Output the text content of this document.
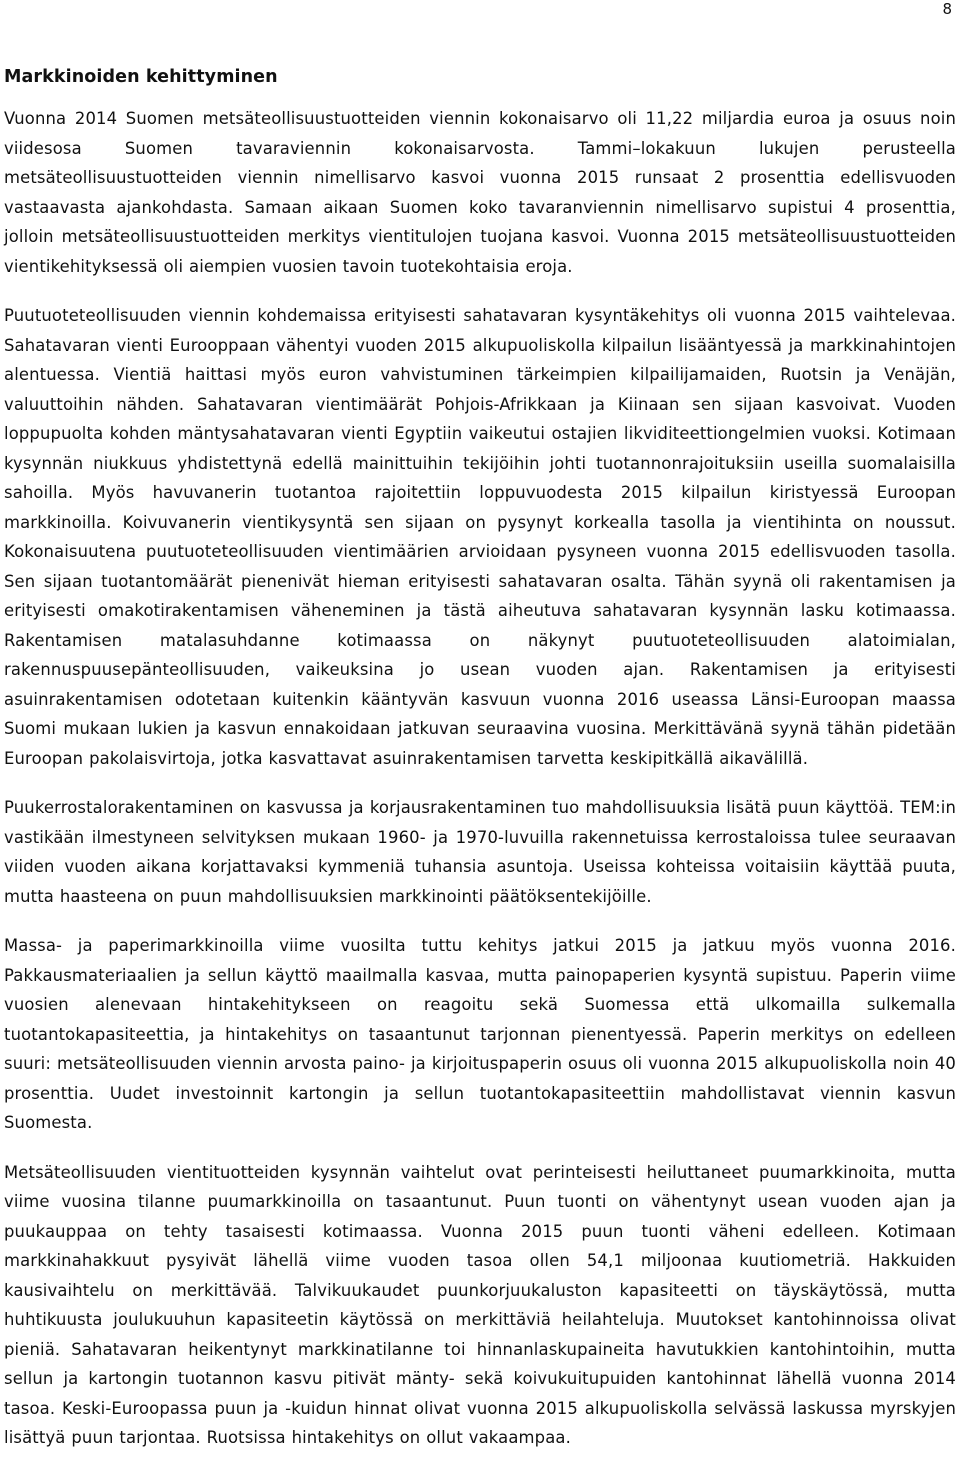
8
Markkinoiden kehittyminen

Vuonna 2014 Suomen metsäteollisuustuotteiden viennin kokonaisarvo oli 11,22 miljardia euroa ja osuus noin viidesosa Suomen tavaraviennin kokonaisarvosta. Tammi–lokakuun lukujen perusteella metsäteollisuustuotteiden viennin nimellisarvo kasvoi vuonna 2015 runsaat 2 prosenttia edellisvuoden vastaavasta ajankohdasta. Samaan aikaan Suomen koko tavaranviennin nimellisarvo supistui 4 prosenttia, jolloin metsäteollisuustuotteiden merkitys vientitulojen tuojana kasvoi. Vuonna 2015 metsäteollisuustuotteiden vientikehityksessä oli aiempien vuosien tavoin tuotekohtaisia eroja.

Puutuoteteollisuuden viennin kohdemaissa erityisesti sahatavaran kysyntäkehitys oli vuonna 2015 vaihtelevaa. Sahatavaran vienti Eurooppaan vähentyi vuoden 2015 alkupuoliskolla kilpailun lisääntyessä ja markkinahintojen alentuessa. Vientiä haittasi myös euron vahvistuminen tärkeimpien kilpailijamaiden, Ruotsin ja Venäjän, valuuttoihin nähden. Sahatavaran vientimäärät Pohjois-Afrikkaan ja Kiinaan sen sijaan kasvoivat. Vuoden loppupuolta kohden mäntysahatavaran vienti Egyptiin vaikeutui ostajien likviditeettiongelmien vuoksi. Kotimaan kysynnän niukkuus yhdistettynä edellä mainittuihin tekijöihin johti tuotannonrajoituksiin useilla suomalaisilla sahoilla. Myös havuvanerin tuotantoa rajoitettiin loppuvuodesta 2015 kilpailun kiristyessä Euroopan markkinoilla. Koivuvanerin vientikysyntä sen sijaan on pysynyt korkealla tasolla ja vientihinta on noussut. Kokonaisuutena puutuoteteollisuuden vientimäärien arvioidaan pysyneen vuonna 2015 edellisvuoden tasolla. Sen sijaan tuotantomäärät pienenivät hieman erityisesti sahatavaran osalta. Tähän syynä oli rakentamisen ja erityisesti omakotirakentamisen väheneminen ja tästä aiheutuva sahatavaran kysynnän lasku kotimaassa. Rakentamisen matalasuhdanne kotimaassa on näkynyt puutuoteteollisuuden alatoimialan, rakennuspuusepänteollisuuden, vaikeuksina jo usean vuoden ajan. Rakentamisen ja erityisesti asuinrakentamisen odotetaan kuitenkin kääntyvän kasvuun vuonna 2016 useassa Länsi-Euroopan maassa Suomi mukaan lukien ja kasvun ennakoidaan jatkuvan seuraavina vuosina. Merkittävänä syynä tähän pidetään Euroopan pakolaisvirtoja, jotka kasvattavat asuinrakentamisen tarvetta keskipitkällä aikavälillä.

Puukerrostalorakentaminen on kasvussa ja korjausrakentaminen tuo mahdollisuuksia lisätä puun käyttöä. TEM:in vastikään ilmestyneen selvityksen mukaan 1960- ja 1970-luvuilla rakennetuissa kerrostaloissa tulee seuraavan viiden vuoden aikana korjattavaksi kymmeniä tuhansia asuntoja. Useissa kohteissa voitaisiin käyttää puuta, mutta haasteena on puun mahdollisuuksien markkinointi päätöksentekijöille.

Massa- ja paperimarkkinoilla viime vuosilta tuttu kehitys jatkui 2015 ja jatkuu myös vuonna 2016. Pakkausmateriaalien ja sellun käyttö maailmalla kasvaa, mutta painopaperien kysyntä supistuu. Paperin viime vuosien alenevaan hintakehitykseen on reagoitu sekä Suomessa että ulkomailla sulkemalla tuotantokapasiteettia, ja hintakehitys on tasaantunut tarjonnan pienentyessä. Paperin merkitys on edelleen suuri: metsäteollisuuden viennin arvosta paino- ja kirjoituspaperin osuus oli vuonna 2015 alkupuoliskolla noin 40 prosenttia. Uudet investoinnit kartongin ja sellun tuotantokapasiteettiin mahdollistavat viennin kasvun Suomesta.

Metsäteollisuuden vientituotteiden kysynnän vaihtelut ovat perinteisesti heiluttaneet puumarkkinoita, mutta viime vuosina tilanne puumarkkinoilla on tasaantunut. Puun tuonti on vähentynyt usean vuoden ajan ja puukauppaa on tehty tasaisesti kotimaassa. Vuonna 2015 puun tuonti väheni edelleen. Kotimaan markkinahakkuut pysyivät lähellä viime vuoden tasoa ollen 54,1 miljoonaa kuutiometriä. Hakkuiden kausivaihtelu on merkittävää. Talvikuukaudet puunkorjuukaluston kapasiteetti on täyskäytössä, mutta huhtikuusta joulukuuhun kapasiteetin käytössä on merkittäviä heilahteluja. Muutokset kantohinnoissa olivat pieniä. Sahatavaran heikentynyt markkinatilanne toi hinnanlaskupaineita havutukkien kantohintoihin, mutta sellun ja kartongin tuotannon kasvu pitivät mänty- sekä koivukuitupuiden kantohinnat lähellä vuonna 2014 tasoa. Keski-Euroopassa puun ja -kuidun hinnat olivat vuonna 2015 alkupuoliskolla selvässä laskussa myrskyjen lisättyä puun tarjontaa. Ruotsissa hintakehitys on ollut vakaampaa.
